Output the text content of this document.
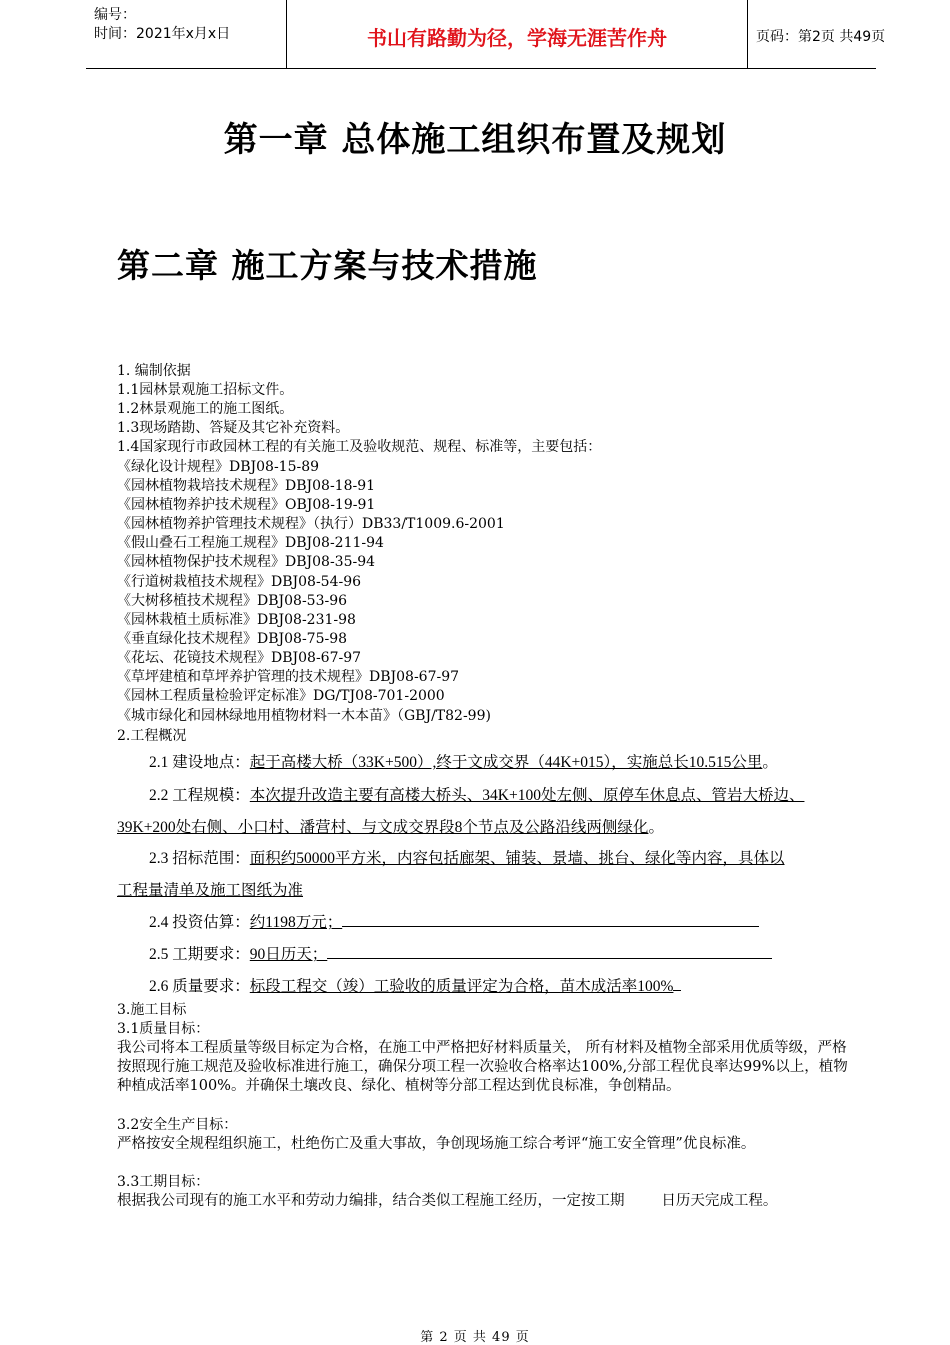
编号：
时间：2021年x月x日	书山有路勤为径，学海无涯苦作舟	页码：第2页 共49页
第一章 总体施工组织布置及规划
第二章 施工方案与技术措施
1. 编制依据
1.1园林景观施工招标文件。
1.2林景观施工的施工图纸。
1.3现场踏勘、答疑及其它补充资料。
1.4国家现行市政园林工程的有关施工及验收规范、规程、标准等，主要包括：
《绿化设计规程》DBJ08-15-89
《园林植物栽培技术规程》DBJ08-18-91
《园林植物养护技术规程》OBJ08-19-91
《园林植物养护管理技术规程》（执行）DB33/T1009.6-2001
《假山叠石工程施工规程》DBJ08-211-94
《园林植物保护技术规程》DBJ08-35-94
《行道树栽植技术规程》DBJ08-54-96
《大树移植技术规程》DBJ08-53-96
《园林栽植土质标准》DBJ08-231-98
《垂直绿化技术规程》DBJ08-75-98
《花坛、花镜技术规程》DBJ08-67-97
《草坪建植和草坪养护管理的技术规程》DBJ08-67-97
《园林工程质量检验评定标准》DG/TJ08-701-2000
《城市绿化和园林绿地用植物材料一木本苗》（GBJ/T82-99)
2.工程概况
2.1 建设地点：起于高楼大桥（33K+500）,终于文成交界（44K+015），实施总长10.515公里。
2.2 工程规模：本次提升改造主要有高楼大桥头、34K+100处左侧、原停车休息点、管岩大桥边、
39K+200处右侧、小口村、潘营村、与文成交界段8个节点及公路沿线两侧绿化。
2.3 招标范围：面积约50000平方米，内容包括廊架、铺装、景墙、挑台、绿化等内容，具体以
工程量清单及施工图纸为准
2.4 投资估算：约1198万元；
2.5 工期要求：90日历天；
2.6 质量要求：标段工程交（竣）工验收的质量评定为合格，苗木成活率100%
3.施工目标
3.1质量目标：
我公司将本工程质量等级目标定为合格，在施工中严格把好材料质量关， 所有材料及植物全部采用优质等级，严格按照现行施工规范及验收标准进行施工，确保分项工程一次验收合格率达100%,分部工程优良率达99%以上，植物种植成活率100%。并确保土壤改良、绿化、植树等分部工程达到优良标准，争创精品。
3.2安全生产目标：
严格按安全规程组织施工，杜绝伤亡及重大事故，争创现场施工综合考评“施工安全管理”优良标准。
3.3工期目标：
根据我公司现有的施工水平和劳动力编排，结合类似工程施工经历，一定按工期        日历天完成工程。
第 2 页 共 49 页
